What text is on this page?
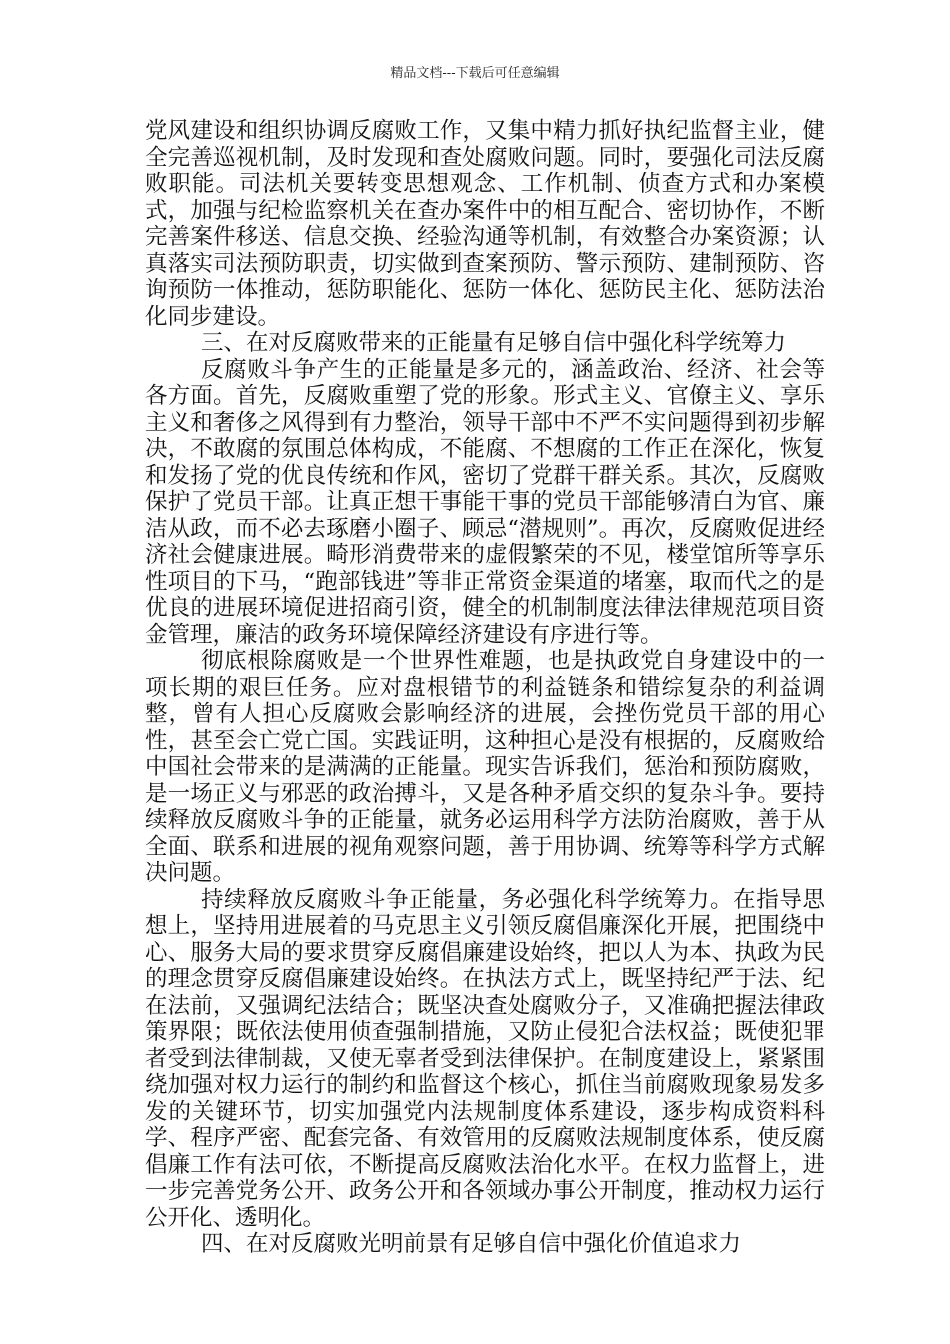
精品文档---下载后可任意编辑

党风建设和组织协调反腐败工作，又集中精力抓好执纪监督主业，健全完善巡视机制，及时发现和查处腐败问题。同时，要强化司法反腐败职能。司法机关要转变思想观念、工作机制、侦查方式和办案模式，加强与纪检监察机关在查办案件中的相互配合、密切协作，不断完善案件移送、信息交换、经验沟通等机制，有效整合办案资源；认真落实司法预防职责，切实做到查案预防、警示预防、建制预防、咨询预防一体推动，惩防职能化、惩防一体化、惩防民主化、惩防法治化同步建设。

三、在对反腐败带来的正能量有足够自信中强化科学统筹力

反腐败斗争产生的正能量是多元的，涵盖政治、经济、社会等各方面。首先，反腐败重塑了党的形象。形式主义、官僚主义、享乐主义和奢侈之风得到有力整治，领导干部中不严不实问题得到初步解决，不敢腐的氛围总体构成，不能腐、不想腐的工作正在深化，恢复和发扬了党的优良传统和作风，密切了党群干群关系。其次，反腐败保护了党员干部。让真正想干事能干事的党员干部能够清白为官、廉洁从政，而不必去琢磨小圈子、顾忌“潜规则”。再次，反腐败促进经济社会健康进展。畸形消费带来的虚假繁荣的不见，楼堂馆所等享乐性项目的下马，“跑部钱进”等非正常资金渠道的堵塞，取而代之的是优良的进展环境促进招商引资，健全的机制制度法律法律规范项目资金管理，廉洁的政务环境保障经济建设有序进行等。

彻底根除腐败是一个世界性难题，也是执政党自身建设中的一项长期的艰巨任务。应对盘根错节的利益链条和错综复杂的利益调整，曾有人担心反腐败会影响经济的进展，会挫伤党员干部的用心性，甚至会亡党亡国。实践证明，这种担心是没有根据的，反腐败给中国社会带来的是满满的正能量。现实告诉我们，惩治和预防腐败，是一场正义与邪恶的政治搏斗，又是各种矛盾交织的复杂斗争。要持续释放反腐败斗争的正能量，就务必运用科学方法防治腐败，善于从全面、联系和进展的视角观察问题，善于用协调、统筹等科学方式解决问题。

持续释放反腐败斗争正能量，务必强化科学统筹力。在指导思想上，坚持用进展着的马克思主义引领反腐倡廉深化开展，把围绕中心、服务大局的要求贯穿反腐倡廉建设始终，把以人为本、执政为民的理念贯穿反腐倡廉建设始终。在执法方式上，既坚持纪严于法、纪在法前，又强调纪法结合；既坚决查处腐败分子，又准确把握法律政策界限；既依法使用侦查强制措施，又防止侵犯合法权益；既使犯罪者受到法律制裁，又使无辜者受到法律保护。在制度建设上，紧紧围绕加强对权力运行的制约和监督这个核心，抓住当前腐败现象易发多发的关键环节，切实加强党内法规制度体系建设，逐步构成资料科学、程序严密、配套完备、有效管用的反腐败法规制度体系，使反腐倡廉工作有法可依，不断提高反腐败法治化水平。在权力监督上，进一步完善党务公开、政务公开和各领域办事公开制度，推动权力运行公开化、透明化。

四、在对反腐败光明前景有足够自信中强化价值追求力
